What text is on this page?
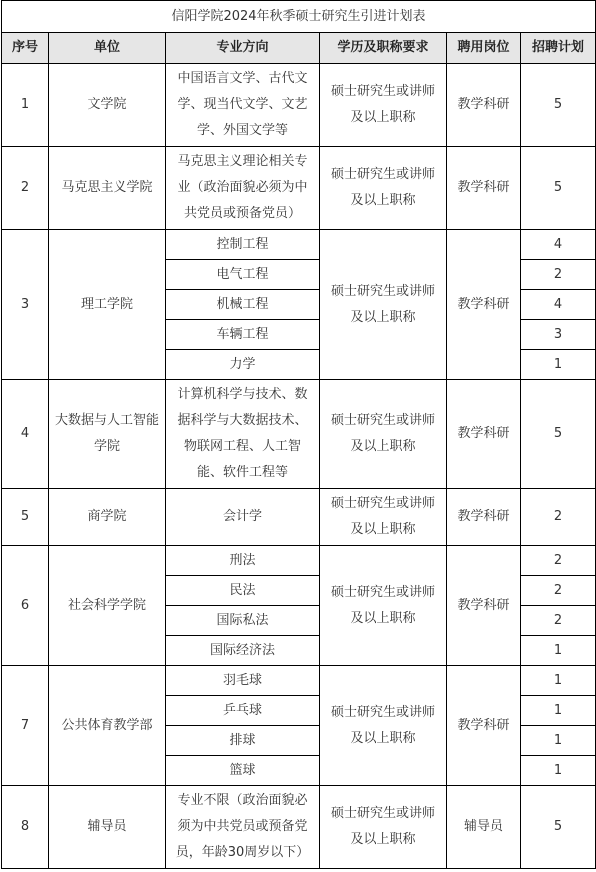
信阳学院2024年秋季硕士研究生引进计划表					
序号	单位	专业方向	学历及职称要求	聘用岗位	招聘计划
1	文学院	中国语言文学、古代文学、现当代文学、文艺学、外国文学等	硕士研究生或讲师及以上职称	教学科研	5
2	马克思主义学院	马克思主义理论相关专业（政治面貌必须为中共党员或预备党员）	硕士研究生或讲师及以上职称	教学科研	5
3	理工学院	控制工程	硕士研究生或讲师及以上职称	教学科研	4
		电气工程			2
		机械工程			4
		车辆工程			3
		力学			1
4	大数据与人工智能学院	计算机科学与技术、数据科学与大数据技术、物联网工程、人工智能、软件工程等	硕士研究生或讲师及以上职称	教学科研	5
5	商学院	会计学	硕士研究生或讲师及以上职称	教学科研	2
6	社会科学学院	刑法	硕士研究生或讲师及以上职称	教学科研	2
		民法			2
		国际私法			2
		国际经济法			1
7	公共体育教学部	羽毛球	硕士研究生或讲师及以上职称	教学科研	1
		乒乓球			1
		排球			1
		篮球			1
8	辅导员	专业不限（政治面貌必须为中共党员或预备党员，年龄30周岁以下）	硕士研究生或讲师及以上职称	辅导员	5
